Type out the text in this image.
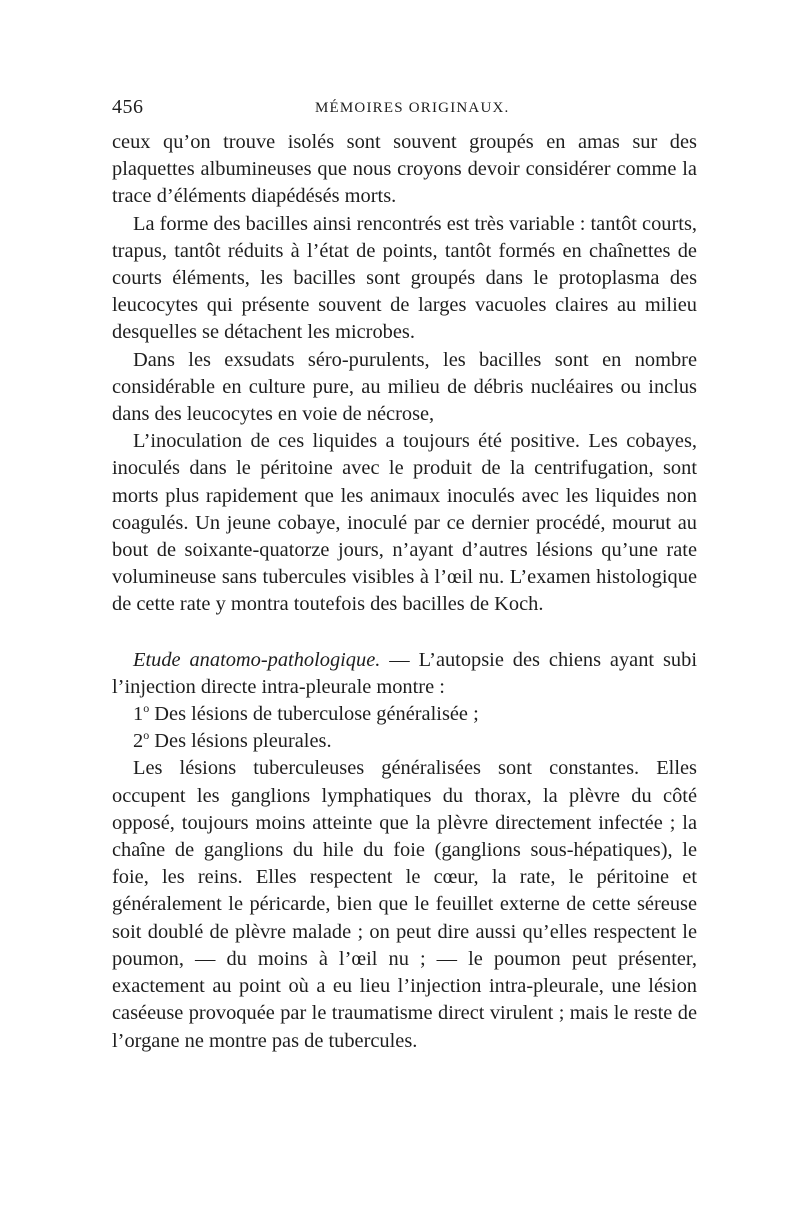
456	MÉMOIRES ORIGINAUX.

ceux qu’on trouve isolés sont souvent groupés en amas sur des plaquettes albumineuses que nous croyons devoir considérer comme la trace d’éléments diapédésés morts.

La forme des bacilles ainsi rencontrés est très variable : tantôt courts, trapus, tantôt réduits à l’état de points, tantôt formés en chaînettes de courts éléments, les bacilles sont groupés dans le protoplasma des leucocytes qui présente souvent de larges vacuoles claires au milieu desquelles se détachent les microbes.

Dans les exsudats séro-purulents, les bacilles sont en nombre considérable en culture pure, au milieu de débris nucléaires ou inclus dans des leucocytes en voie de nécrose,

L’inoculation de ces liquides a toujours été positive. Les cobayes, inoculés dans le péritoine avec le produit de la centrifugation, sont morts plus rapidement que les animaux inoculés avec les liquides non coagulés. Un jeune cobaye, inoculé par ce dernier procédé, mourut au bout de soixante-quatorze jours, n’ayant d’autres lésions qu’une rate volumineuse sans tubercules visibles à l’œil nu. L’examen histologique de cette rate y montra toutefois des bacilles de Koch.

Etude anatomo-pathologique. — L’autopsie des chiens ayant subi l’injection directe intra-pleurale montre :

1$^o$ Des lésions de tuberculose généralisée ;

2$^o$ Des lésions pleurales.

Les lésions tuberculeuses généralisées sont constantes. Elles occupent les ganglions lymphatiques du thorax, la plèvre du côté opposé, toujours moins atteinte que la plèvre directement infectée ; la chaîne de ganglions du hile du foie (ganglions sous-hépatiques), le foie, les reins. Elles respectent le cœur, la rate, le péritoine et généralement le péricarde, bien que le feuillet externe de cette séreuse soit doublé de plèvre malade ; on peut dire aussi qu’elles respectent le poumon, — du moins à l’œil nu ; — le poumon peut présenter, exactement au point où a eu lieu l’injection intra-pleurale, une lésion caséeuse provoquée par le traumatisme direct virulent ; mais le reste de l’organe ne montre pas de tubercules.
